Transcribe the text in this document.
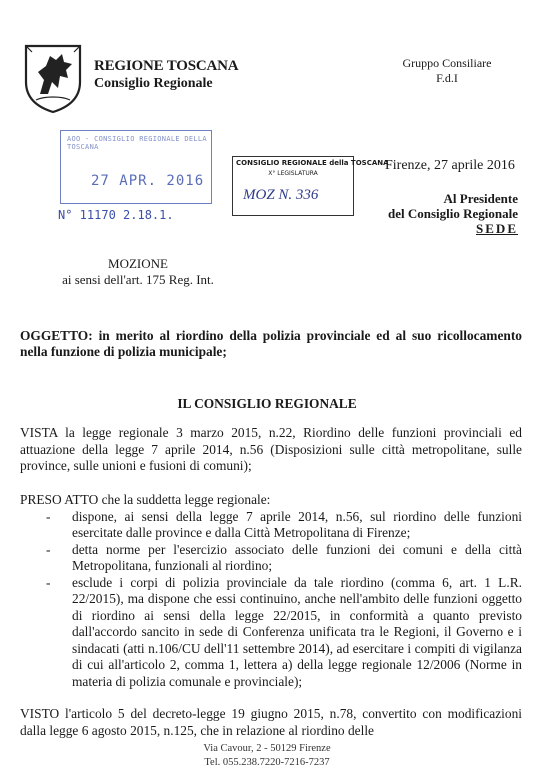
REGIONE TOSCANA
Consiglio Regionale
Gruppo Consiliare
F.d.I
AOO - CONSIGLIO REGIONALE DELLA TOSCANA
27 APR. 2016
N° 11170 2.18.1.
CONSIGLIO REGIONALE della TOSCANA
X° LEGISLATURA
MOZ N. 336
Firenze, 27 aprile 2016
Al Presidente
del Consiglio Regionale
SEDE
MOZIONE
ai sensi dell'art. 175 Reg. Int.
OGGETTO: in merito al riordino della polizia provinciale ed al suo ricollocamento nella funzione di polizia municipale;
IL CONSIGLIO REGIONALE
VISTA la legge regionale 3 marzo 2015, n.22, Riordino delle funzioni provinciali ed attuazione della legge 7 aprile 2014, n.56 (Disposizioni sulle città metropolitane, sulle province, sulle unioni e fusioni di comuni);
PRESO ATTO che la suddetta legge regionale:
- dispone, ai sensi della legge 7 aprile 2014, n.56, sul riordino delle funzioni esercitate dalle province e dalla Città Metropolitana di Firenze;
- detta norme per l'esercizio associato delle funzioni dei comuni e della città Metropolitana, funzionali al riordino;
- esclude i corpi di polizia provinciale da tale riordino (comma 6, art. 1 L.R. 22/2015), ma dispone che essi continuino, anche nell'ambito delle funzioni oggetto di riordino ai sensi della legge 22/2015, in conformità a quanto previsto dall'accordo sancito in sede di Conferenza unificata tra le Regioni, il Governo e i sindacati (atti n.106/CU dell'11 settembre 2014), ad esercitare i compiti di vigilanza di cui all'articolo 2, comma 1, lettera a) della legge regionale 12/2006 (Norme in materia di polizia comunale e provinciale);
VISTO l'articolo 5 del decreto-legge 19 giugno 2015, n.78, convertito con modificazioni dalla legge 6 agosto 2015, n.125, che in relazione al riordino delle
Via Cavour, 2 - 50129 Firenze
Tel. 055.238.7220-7216-7237
